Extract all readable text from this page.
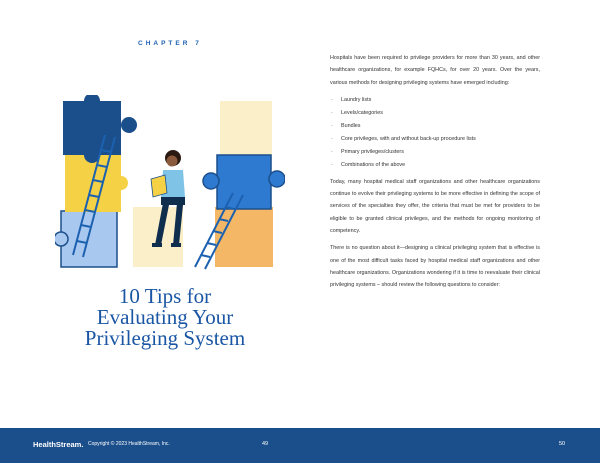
CHAPTER 7
10 Tips for
Evaluating Your
Privileging System

Hospitals have been required to privilege providers for more than 30 years, and other healthcare organizations, for example FQHCs, for over 20 years. Over the years, various methods for designing privileging systems have emerged including:

· Laundry lists
· Levels/categories
· Bundles
· Core privileges, with and without back-up procedure lists
· Primary privileges/clusters
· Combinations of the above

Today, many hospital medical staff organizations and other healthcare organizations continue to evolve their privileging systems to be more effective in defining the scope of services of the specialties they offer, the criteria that must be met for providers to be eligible to be granted clinical privileges, and the methods for ongoing monitoring of competency.

There is no question about it—designing a clinical privileging system that is effective is one of the most difficult tasks faced by hospital medical staff organizations and other healthcare organizations. Organizations wondering if it is time to reevaluate their clinical privileging systems – should review the following questions to consider:

HealthStream. Copyright © 2023 HealthStream, Inc.	49	50
